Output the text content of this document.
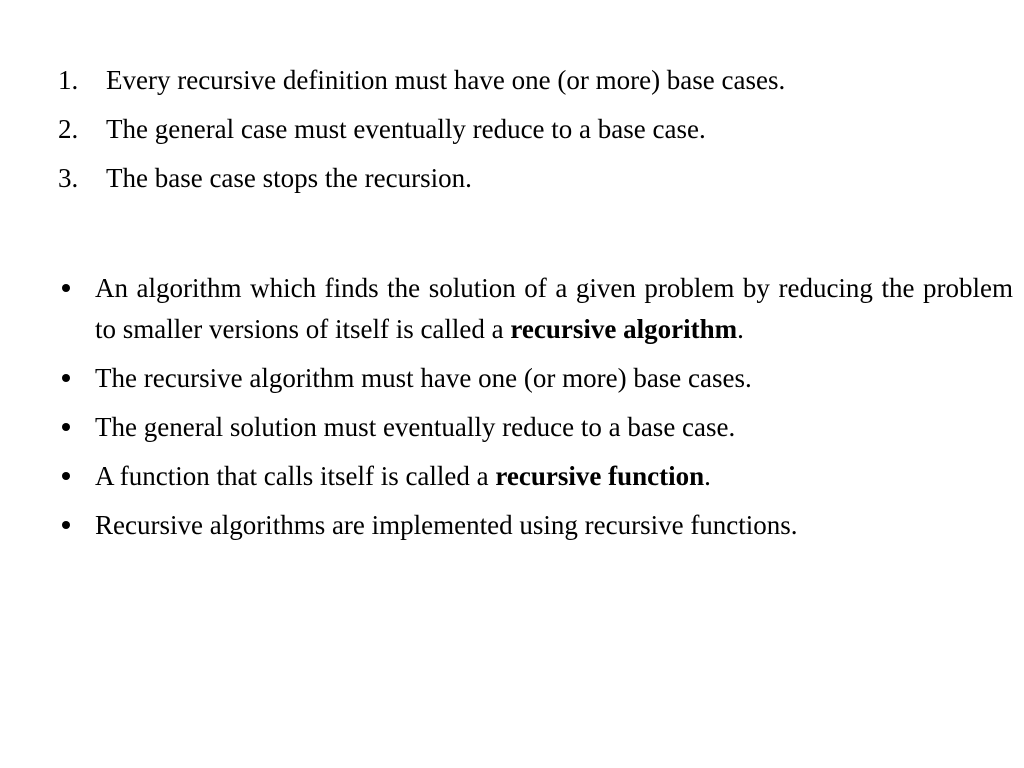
1.	Every recursive definition must have one (or more) base cases.
2.	The general case must eventually reduce to a base case.
3.	The base case stops the recursion.
An algorithm which finds the solution of a given problem by reducing the problem to smaller versions of itself is called a recursive algorithm.
The recursive algorithm must have one (or more) base cases.
The general solution must eventually reduce to a base case.
A function that calls itself is called a recursive function.
Recursive algorithms are implemented using recursive functions.
